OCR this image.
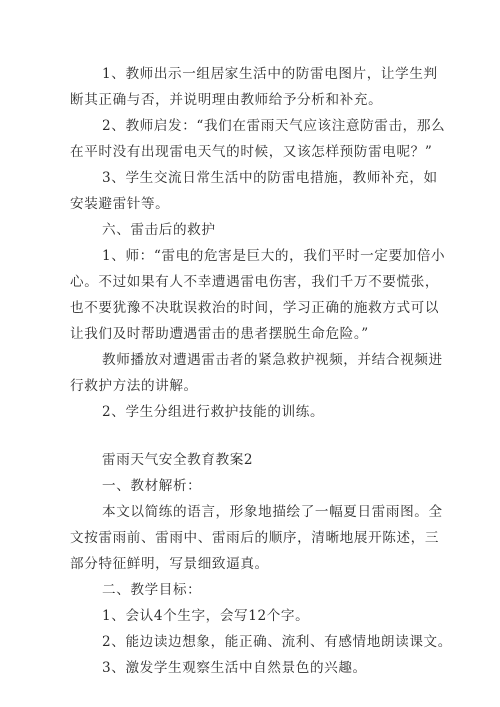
1、教师出示一组居家生活中的防雷电图片，让学生判
断其正确与否，并说明理由教师给予分析和补充。
2、教师启发：“我们在雷雨天气应该注意防雷击，那么
在平时没有出现雷电天气的时候，又该怎样预防雷电呢？”
3、学生交流日常生活中的防雷电措施，教师补充，如
安装避雷针等。
六、雷击后的救护
1、师：“雷电的危害是巨大的，我们平时一定要加倍小
心。不过如果有人不幸遭遇雷电伤害，我们千万不要慌张，
也不要犹豫不决耽误救治的时间，学习正确的施救方式可以
让我们及时帮助遭遇雷击的患者摆脱生命危险。”
教师播放对遭遇雷击者的紧急救护视频，并结合视频进
行救护方法的讲解。
2、学生分组进行救护技能的训练。
雷雨天气安全教育教案2
一、教材解析：
本文以简练的语言，形象地描绘了一幅夏日雷雨图。全
文按雷雨前、雷雨中、雷雨后的顺序，清晰地展开陈述，三
部分特征鲜明，写景细致逼真。
二、教学目标：
1、会认4个生字，会写12个字。
2、能边读边想象，能正确、流利、有感情地朗读课文。
3、激发学生观察生活中自然景色的兴趣。
